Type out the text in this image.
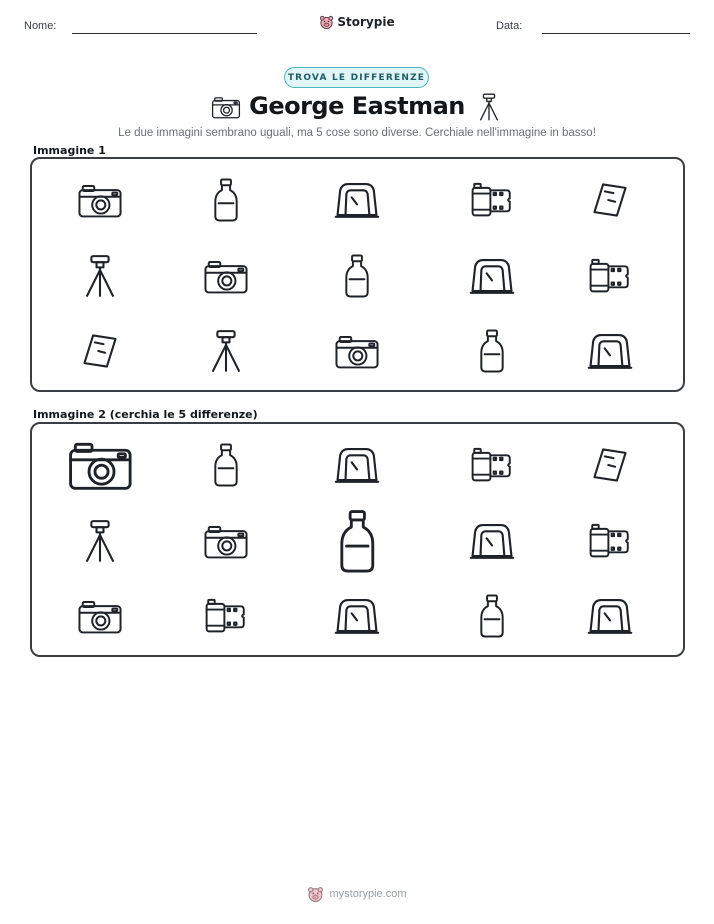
Nome:	Storypie	Data:
TROVA LE DIFFERENZE
George Eastman
Le due immagini sembrano uguali, ma 5 cose sono diverse. Cerchiale nell'immagine in basso!
Immagine 1
Immagine 2 (cerchia le 5 differenze)
mystorypie.com
